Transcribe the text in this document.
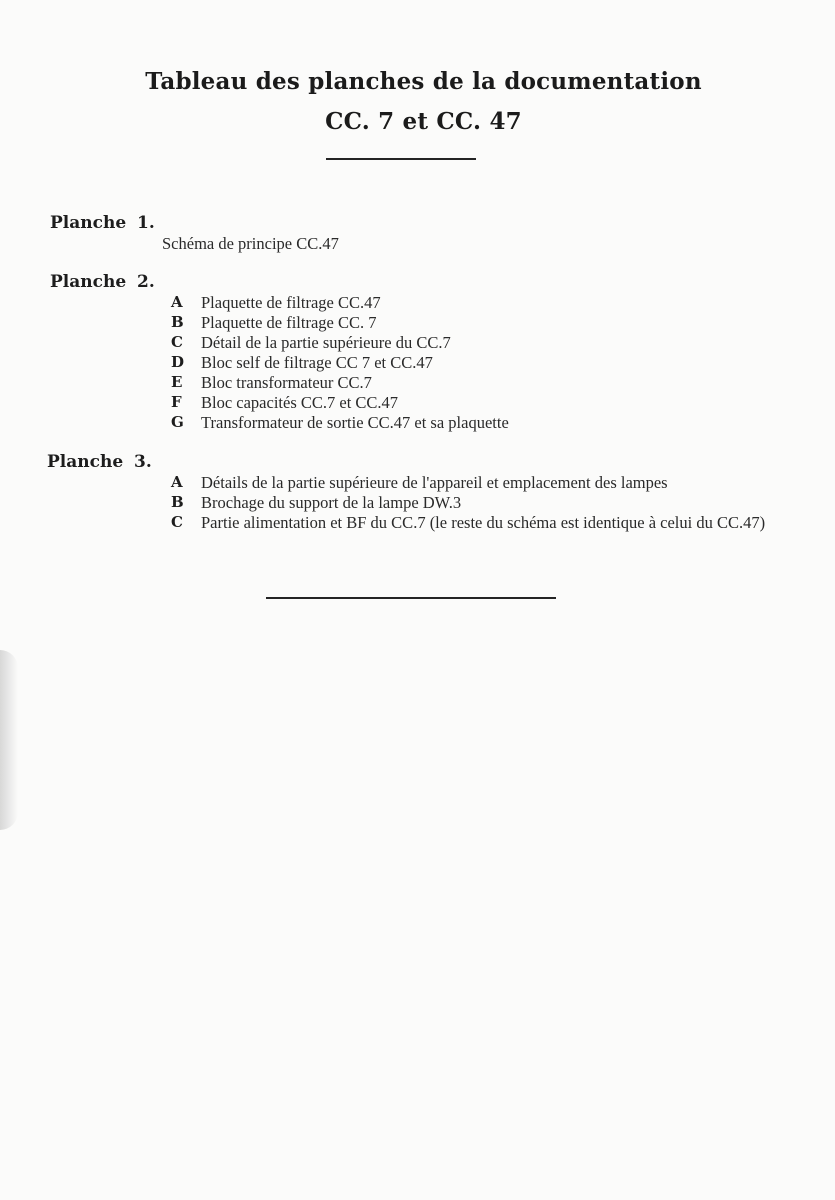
Tableau des planches de la documentation
CC. 7 et CC. 47
Planche 1.
Schéma de principe CC.47
Planche 2.
A	Plaquette de filtrage CC.47
B	Plaquette de filtrage CC. 7
C	Détail de la partie supérieure du CC.7
D	Bloc self de filtrage CC 7 et CC.47
E	Bloc transformateur CC.7
F	Bloc capacités CC.7 et CC.47
G	Transformateur de sortie CC.47 et sa plaquette
Planche 3.
A	Détails de la partie supérieure de l'appareil et emplacement des lampes
B	Brochage du support de la lampe DW.3
C	Partie alimentation et BF du CC.7 (le reste du schéma est identique à celui du CC.47)
